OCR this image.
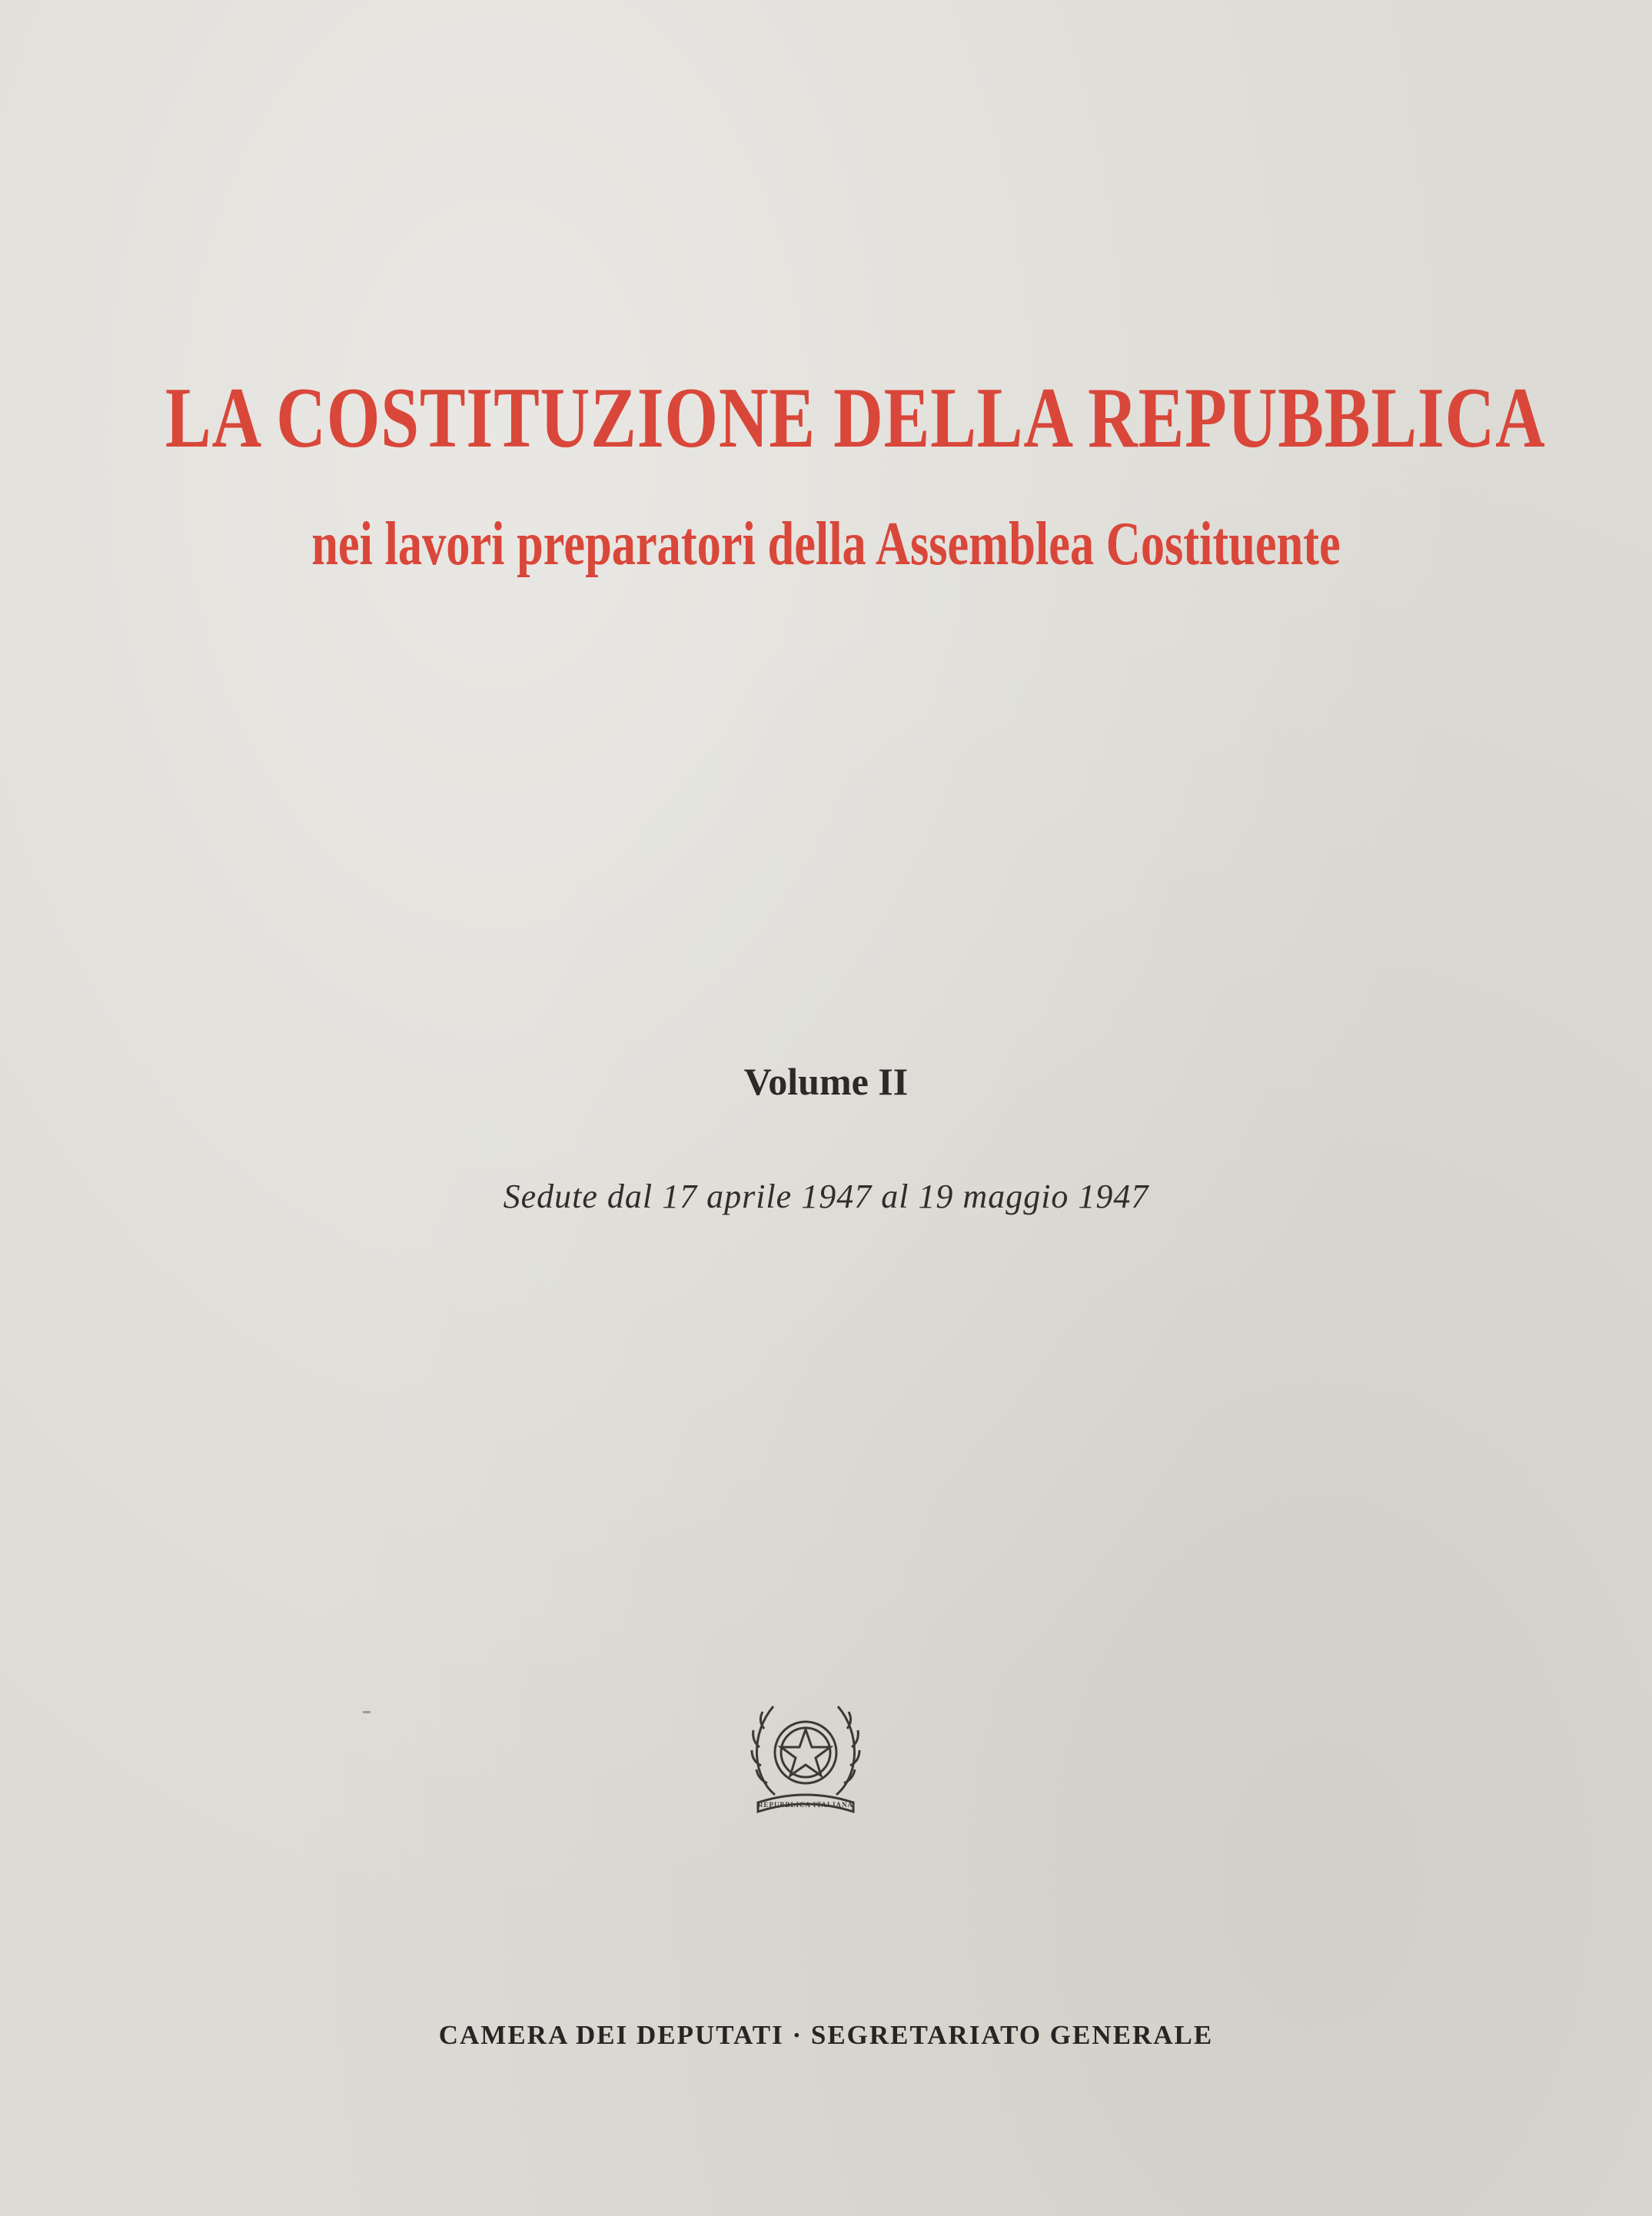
LA COSTITUZIONE DELLA REPUBBLICA
nei lavori preparatori della Assemblea Costituente
Volume II
Sedute dal 17 aprile 1947 al 19 maggio 1947
REPUBBLICA ITALIANA
CAMERA DEI DEPUTATI · SEGRETARIATO GENERALE
